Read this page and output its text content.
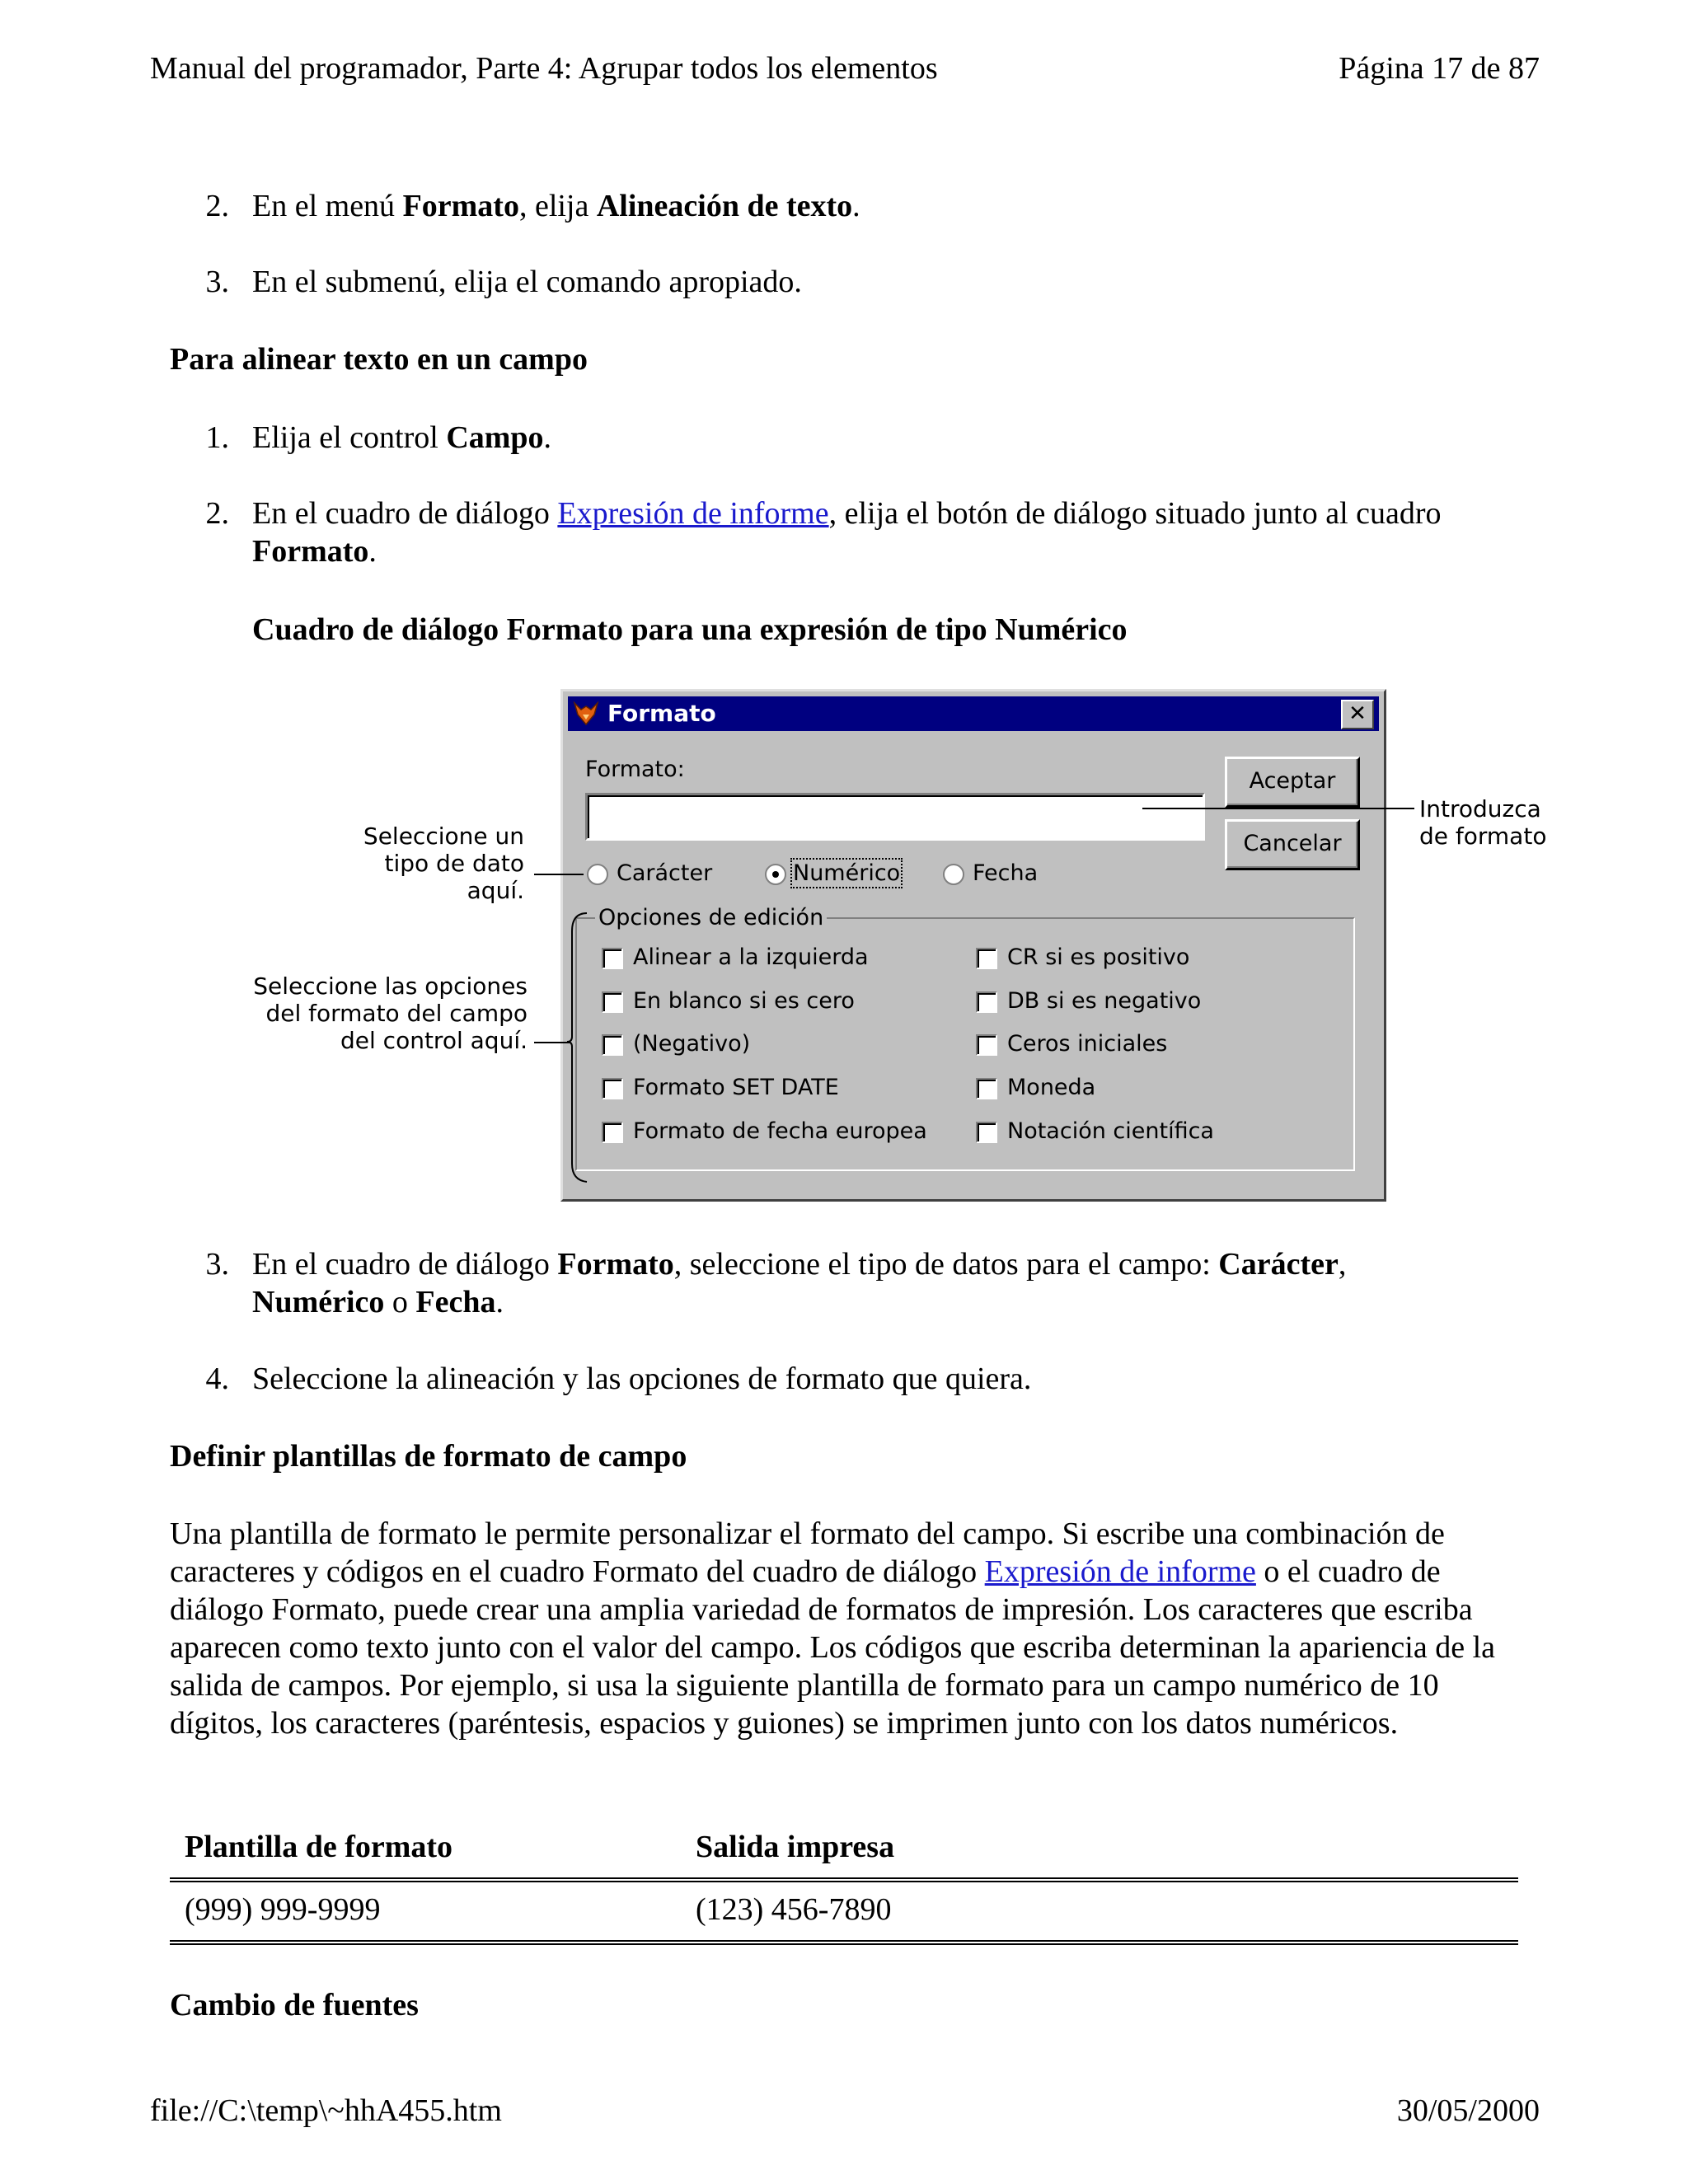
Manual del programador, Parte 4: Agrupar todos los elementos	Página 17 de 87
2. En el menú Formato, elija Alineación de texto.
3. En el submenú, elija el comando apropiado.
Para alinear texto en un campo
1. Elija el control Campo.
2. En el cuadro de diálogo Expresión de informe, elija el botón de diálogo situado junto al cuadro
Formato.
Cuadro de diálogo Formato para una expresión de tipo Numérico
Formato	✕
Formato:	Aceptar
Cancelar
Carácter	Numérico	Fecha
Opciones de edición
Alinear a la izquierda
En blanco si es cero
(Negativo)
Formato SET DATE
Formato de fecha europea
CR si es positivo
DB si es negativo
Ceros iniciales
Moneda
Notación científica
Seleccione un
tipo de dato
aquí.
Seleccione las opciones
del formato del campo
del control aquí.
Introduzca
de formato
3. En el cuadro de diálogo Formato, seleccione el tipo de datos para el campo: Carácter,
Numérico o Fecha.
4. Seleccione la alineación y las opciones de formato que quiera.
Definir plantillas de formato de campo
Una plantilla de formato le permite personalizar el formato del campo. Si escribe una combinación de caracteres y códigos en el cuadro Formato del cuadro de diálogo Expresión de informe o el cuadro de diálogo Formato, puede crear una amplia variedad de formatos de impresión. Los caracteres que escriba aparecen como texto junto con el valor del campo. Los códigos que escriba determinan la apariencia de la salida de campos. Por ejemplo, si usa la siguiente plantilla de formato para un campo numérico de 10 dígitos, los caracteres (paréntesis, espacios y guiones) se imprimen junto con los datos numéricos.
Plantilla de formato	Salida impresa
(999) 999-9999	(123) 456-7890
Cambio de fuentes
file://C:\temp\~hhA455.htm	30/05/2000
